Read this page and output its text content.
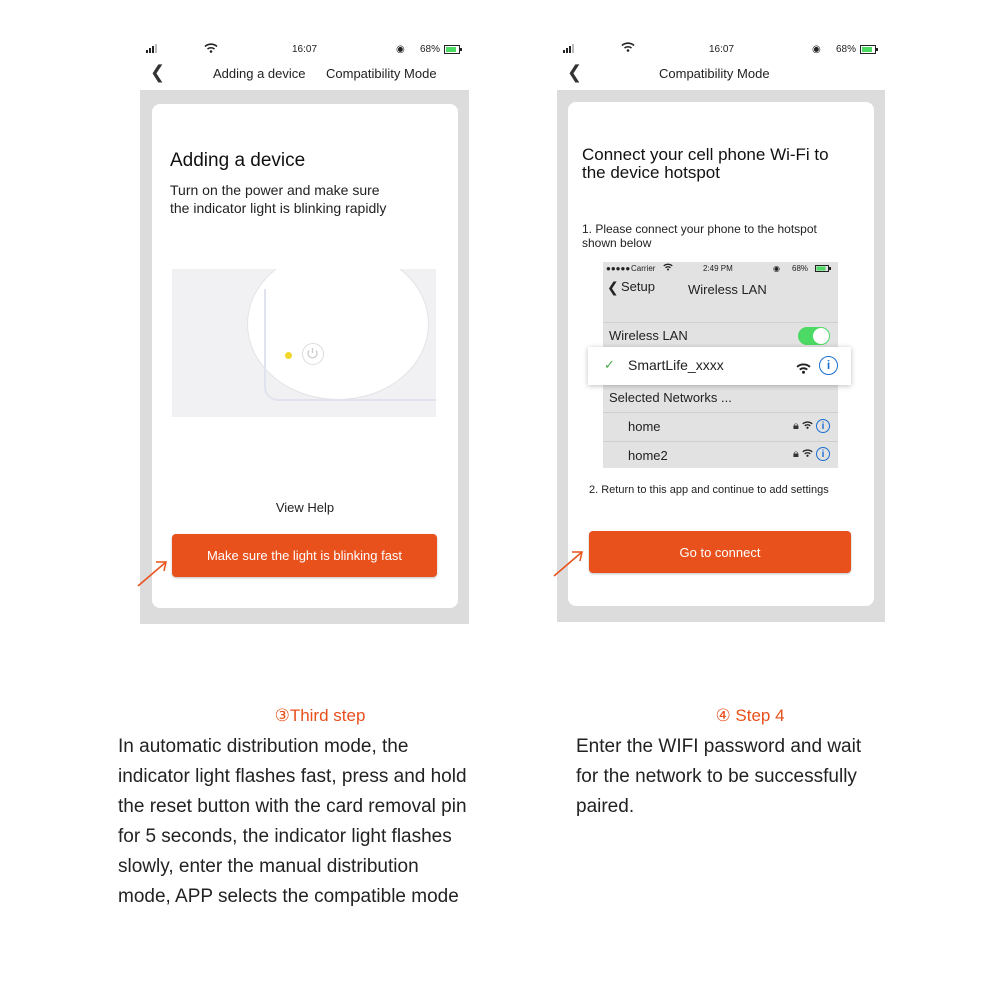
16:07	◉ 68%
❮	Adding a device Compatibility Mode
Adding a device
Turn on the power and make sure
the indicator light is blinking rapidly
View Help
Make sure the light is blinking fast
16:07	◉ 68%
❮	Compatibility Mode
Connect your cell phone Wi-Fi to
the device hotspot
1. Please connect your phone to the hotspot
shown below
●●●●● Carrier	2:49 PM	◉ 68%
❮ Setup	Wireless LAN
Wireless LAN
Selected Networks ...
home	🔒︎  i
home2	🔒︎  i
✓ SmartLife_xxxx	i
2. Return to this app and continue to add settings
Go to connect
③Third step
In automatic distribution mode, the
indicator light flashes fast, press and hold
the reset button with the card removal pin
for 5 seconds, the indicator light flashes
slowly, enter the manual distribution
mode, APP selects the compatible mode
④ Step 4
Enter the WIFI password and wait
for the network to be successfully
paired.
